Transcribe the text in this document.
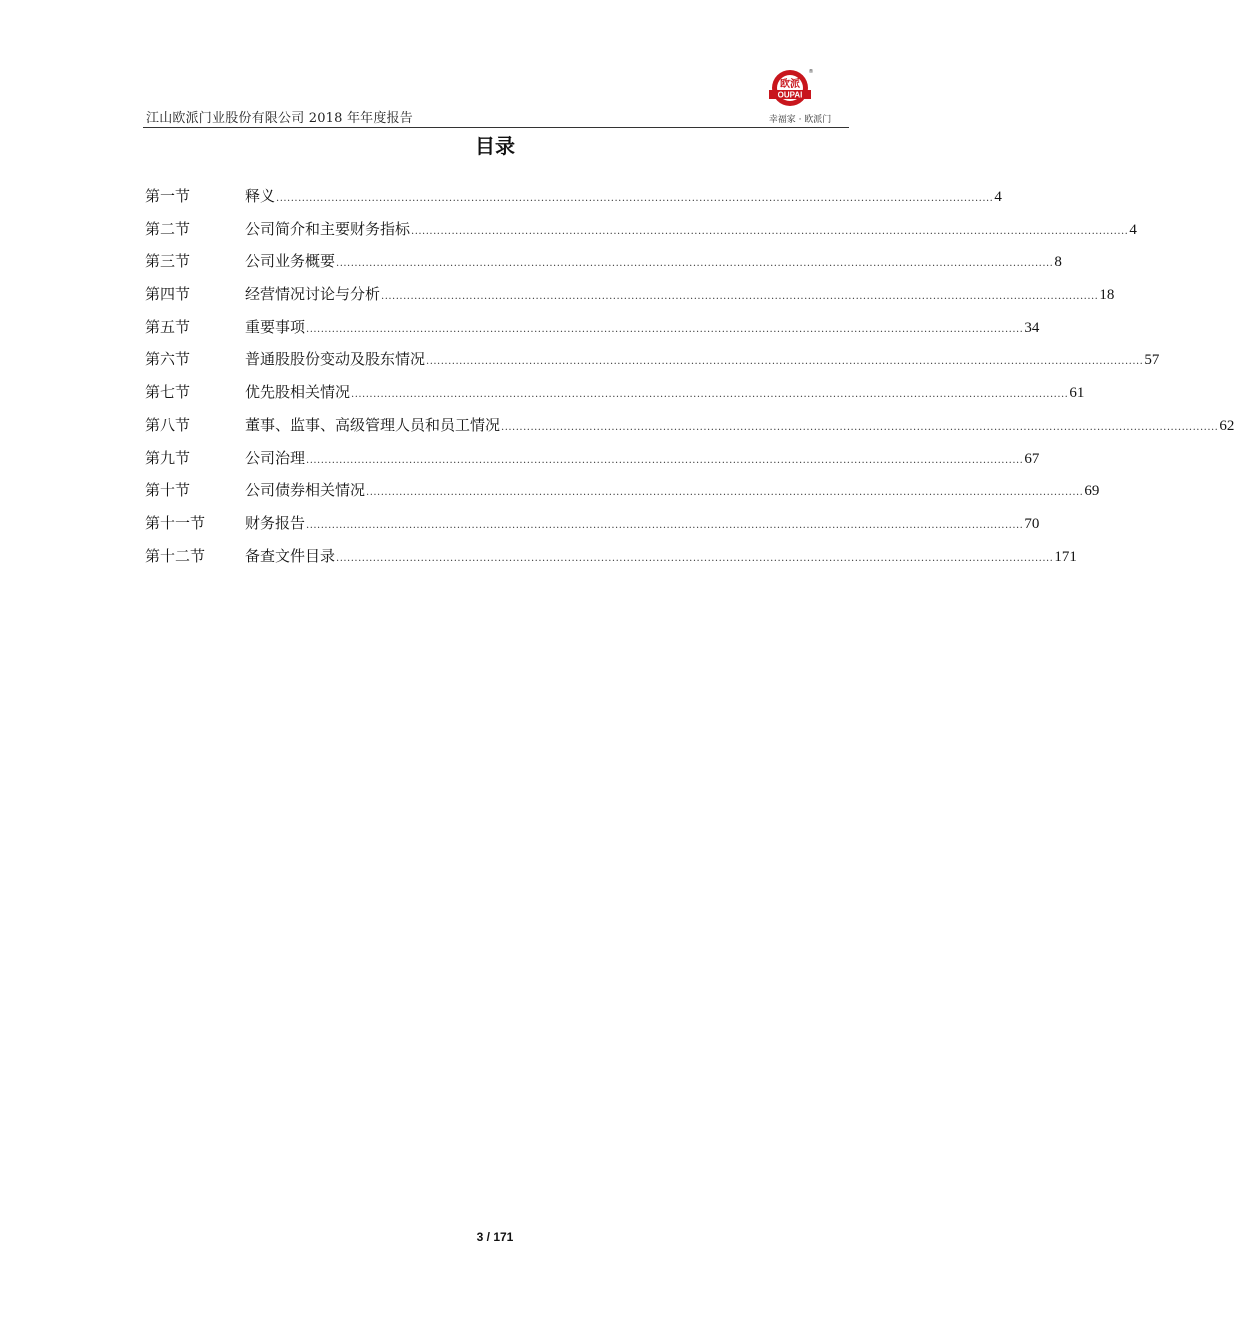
江山欧派门业股份有限公司 2018 年年度报告
欧派
OUPAI
®
幸福家 · 欧派门
目录
第一节	释义 ................................................................................................................................................................................................... 4
第二节	公司简介和主要财务指标 ................................................................................................................................................................................................... 4
第三节	公司业务概要 ................................................................................................................................................................................................... 8
第四节	经营情况讨论与分析 ................................................................................................................................................................................................... 18
第五节	重要事项 ................................................................................................................................................................................................... 34
第六节	普通股股份变动及股东情况 ................................................................................................................................................................................................... 57
第七节	优先股相关情况 ................................................................................................................................................................................................... 61
第八节	董事、监事、高级管理人员和员工情况 ................................................................................................................................................................................................... 62
第九节	公司治理 ................................................................................................................................................................................................... 67
第十节	公司债券相关情况 ................................................................................................................................................................................................... 69
第十一节	财务报告 ................................................................................................................................................................................................... 70
第十二节	备查文件目录 ................................................................................................................................................................................................... 171
3 / 171
